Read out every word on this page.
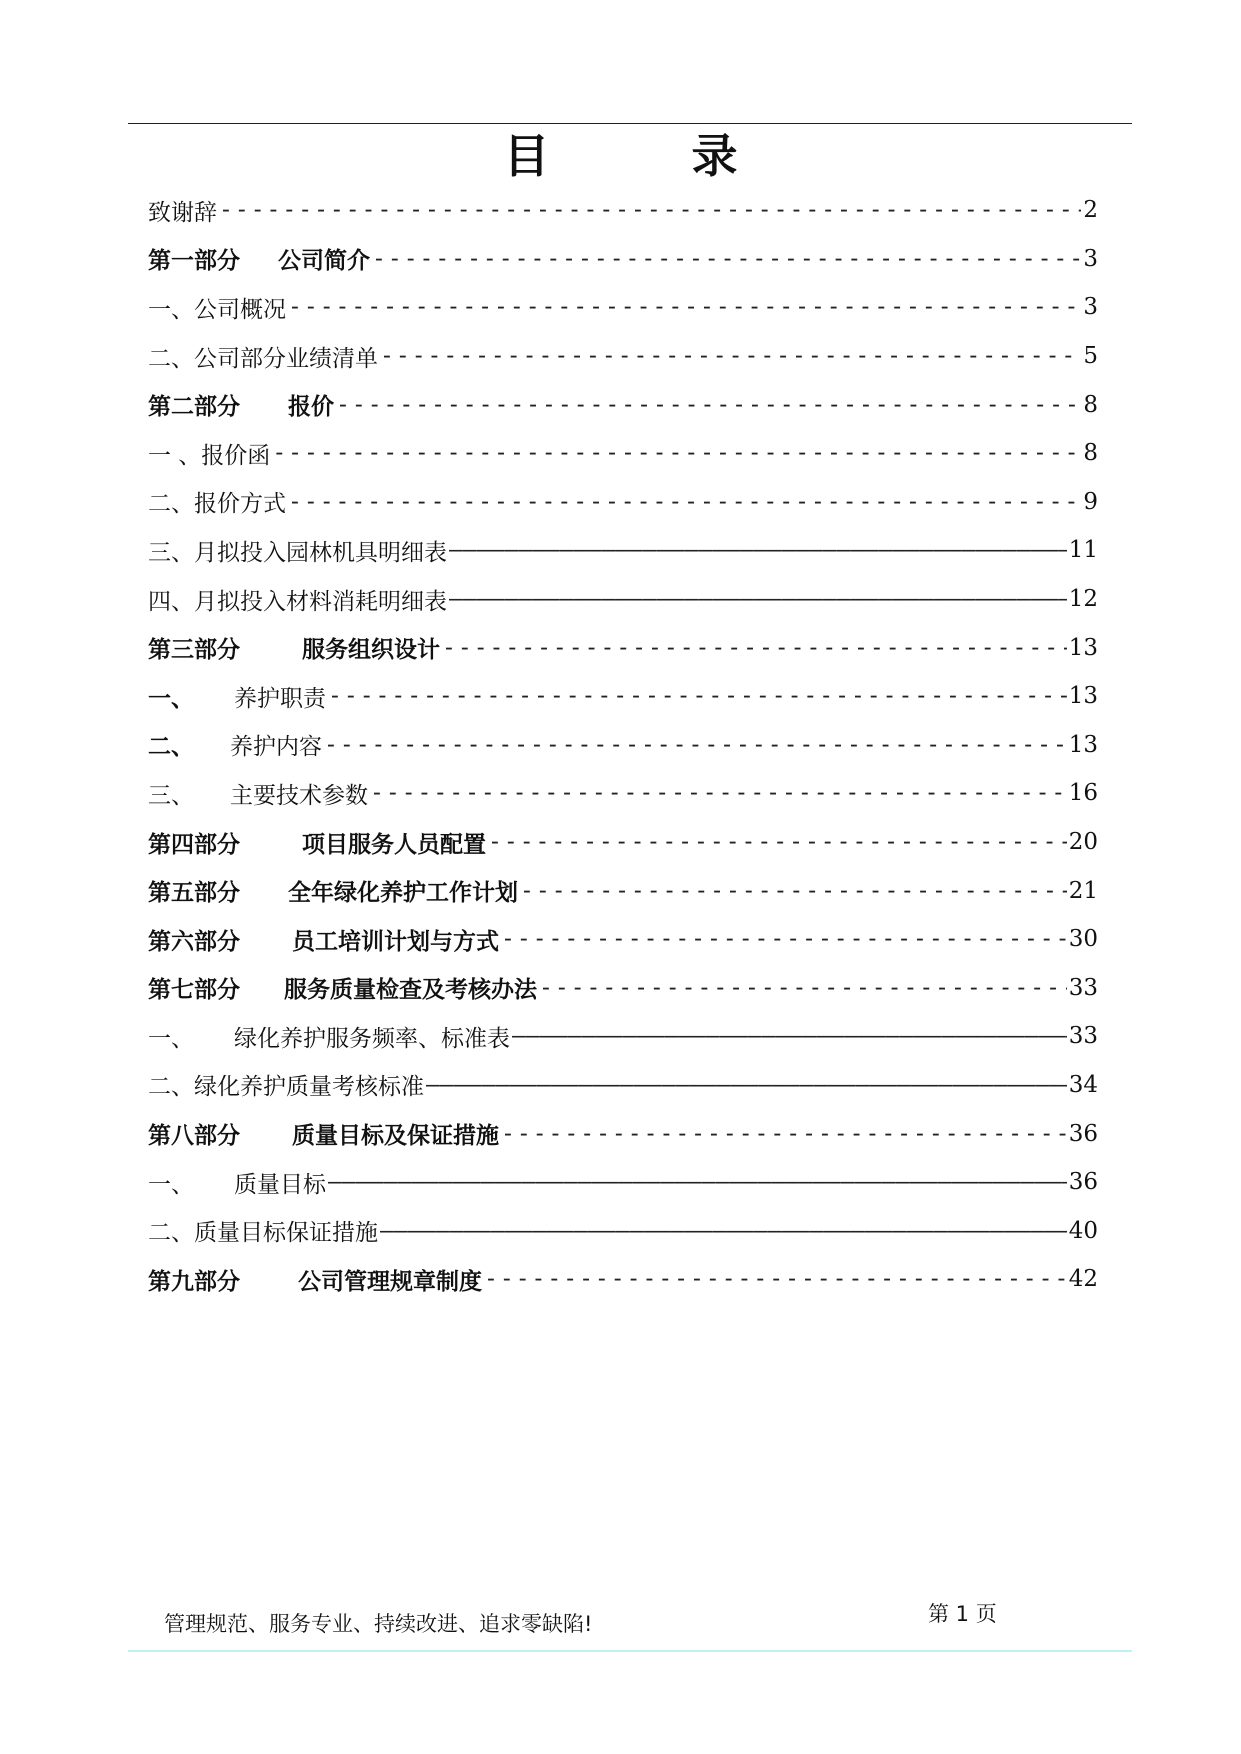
目　录
致谢辞 -----	2
第一部分 公司简介 -----	3
一、公司概况 -----	3
二、公司部分业绩清单 -----	5
第二部分 报价 -----	8
一 、报价函 -----	8
二、报价方式 -----	9
三、月拟投入园林机具明细表 —————	11
四、月拟投入材料消耗明细表 —————	12
第三部分	服务组织设计 -----	13
一、 养护职责 -----	13
二、 养护内容 -----	13
三、 主要技术参数 -----	16
第四部分	项目服务人员配置 -----	20
第五部分 全年绿化养护工作计划 -----	21
第六部分 员工培训计划与方式 -----	30
第七部分 服务质量检查及考核办法 -----	33
一、 绿化养护服务频率、标准表 —————	33
二、绿化养护质量考核标准 —————	34
第八部分 质量目标及保证措施 -----	36
一、 质量目标 —————	36
二、质量目标保证措施 —————	40
第九部分	公司管理规章制度 -----	42
管理规范、服务专业、持续改进、追求零缺陷!	第 1 页
